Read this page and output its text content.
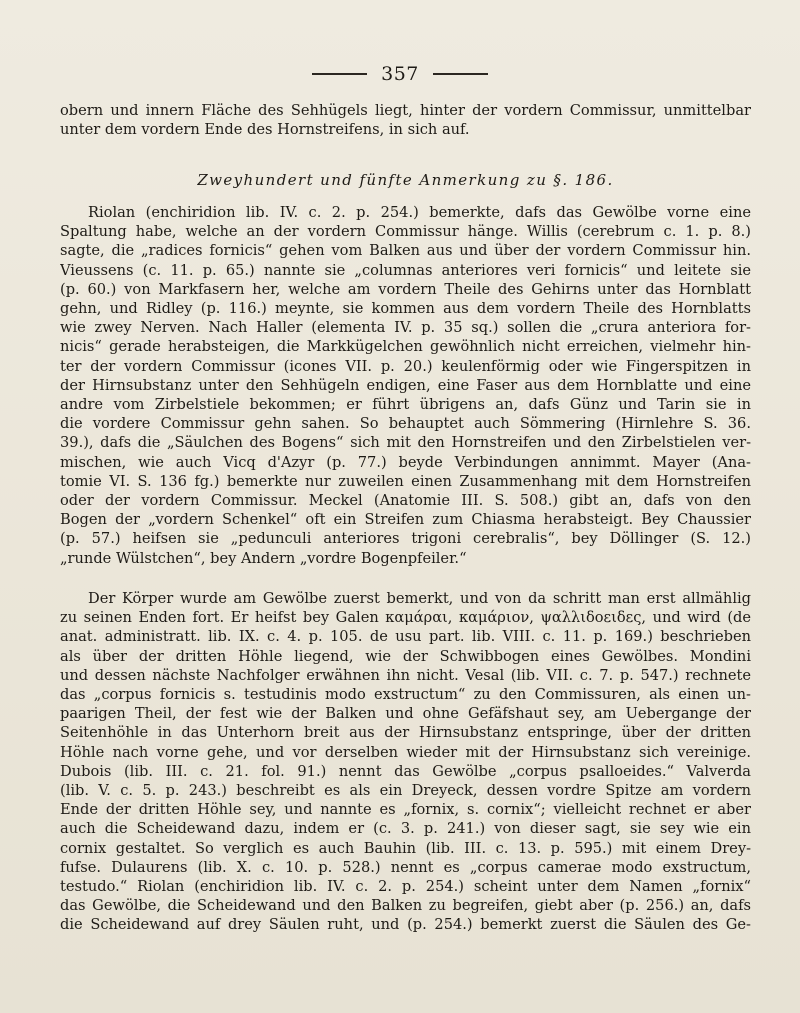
357
obern und innern Fläche des Sehhügels liegt, hinter der vordern Commissur, unmittelbar
unter dem vordern Ende des Hornstreifens, in sich auf.
Zweyhundert und fünfte Anmerkung zu §. 186.
Riolan (enchiridion lib. IV. c. 2. p. 254.) bemerkte, dafs das Gewölbe vorne eine
Spaltung habe, welche an der vordern Commissur hänge. Willis (cerebrum c. 1. p. 8.)
sagte, die „radices fornicis“ gehen vom Balken aus und über der vordern Commissur hin.
Vieussens (c. 11. p. 65.) nannte sie „columnas anteriores veri fornicis“ und leitete sie
(p. 60.) von Markfasern her, welche am vordern Theile des Gehirns unter das Hornblatt
gehn, und Ridley (p. 116.) meynte, sie kommen aus dem vordern Theile des Hornblatts
wie zwey Nerven. Nach Haller (elementa IV. p. 35 sq.) sollen die „crura anteriora for-
nicis“ gerade herabsteigen, die Markkügelchen gewöhnlich nicht erreichen, vielmehr hin-
ter der vordern Commissur (icones VII. p. 20.) keulenförmig oder wie Fingerspitzen in
der Hirnsubstanz unter den Sehhügeln endigen, eine Faser aus dem Hornblatte und eine
andre vom Zirbelstiele bekommen; er führt übrigens an, dafs Günz und Tarin sie in
die vordere Commissur gehn sahen. So behauptet auch Sömmering (Hirnlehre S. 36.
39.), dafs die „Säulchen des Bogens“ sich mit den Hornstreifen und den Zirbelstielen ver-
mischen, wie auch Vicq d'Azyr (p. 77.) beyde Verbindungen annimmt. Mayer (Ana-
tomie VI. S. 136 fg.) bemerkte nur zuweilen einen Zusammenhang mit dem Hornstreifen
oder der vordern Commissur. Meckel (Anatomie III. S. 508.) gibt an, dafs von den
Bogen der „vordern Schenkel“ oft ein Streifen zum Chiasma herabsteigt. Bey Chaussier
(p. 57.) heifsen sie „pedunculi anteriores trigoni cerebralis“, bey Döllinger (S. 12.)
„runde Wülstchen“, bey Andern „vordre Bogenpfeiler.“
Der Körper wurde am Gewölbe zuerst bemerkt, und von da schritt man erst allmählig
zu seinen Enden fort. Er heifst bey Galen καμάραι, καμάριον, ψαλλιδοειδες, und wird (de
anat. administratt. lib. IX. c. 4. p. 105. de usu part. lib. VIII. c. 11. p. 169.) beschrieben
als über der dritten Höhle liegend, wie der Schwibbogen eines Gewölbes. Mondini
und dessen nächste Nachfolger erwähnen ihn nicht. Vesal (lib. VII. c. 7. p. 547.) rechnete
das „corpus fornicis s. testudinis modo exstructum“ zu den Commissuren, als einen un-
paarigen Theil, der fest wie der Balken und ohne Gefäfshaut sey, am Uebergange der
Seitenhöhle in das Unterhorn breit aus der Hirnsubstanz entspringe, über der dritten
Höhle nach vorne gehe, und vor derselben wieder mit der Hirnsubstanz sich vereinige.
Dubois (lib. III. c. 21. fol. 91.) nennt das Gewölbe „corpus psalloeides.“ Valverda
(lib. V. c. 5. p. 243.) beschreibt es als ein Dreyeck, dessen vordre Spitze am vordern
Ende der dritten Höhle sey, und nannte es „fornix, s. cornix“; vielleicht rechnet er aber
auch die Scheidewand dazu, indem er (c. 3. p. 241.) von dieser sagt, sie sey wie ein
cornix gestaltet. So verglich es auch Bauhin (lib. III. c. 13. p. 595.) mit einem Drey-
fufse. Dulaurens (lib. X. c. 10. p. 528.) nennt es „corpus camerae modo exstructum,
testudo.“ Riolan (enchiridion lib. IV. c. 2. p. 254.) scheint unter dem Namen „fornix“
das Gewölbe, die Scheidewand und den Balken zu begreifen, giebt aber (p. 256.) an, dafs
die Scheidewand auf drey Säulen ruht, und (p. 254.) bemerkt zuerst die Säulen des Ge-
